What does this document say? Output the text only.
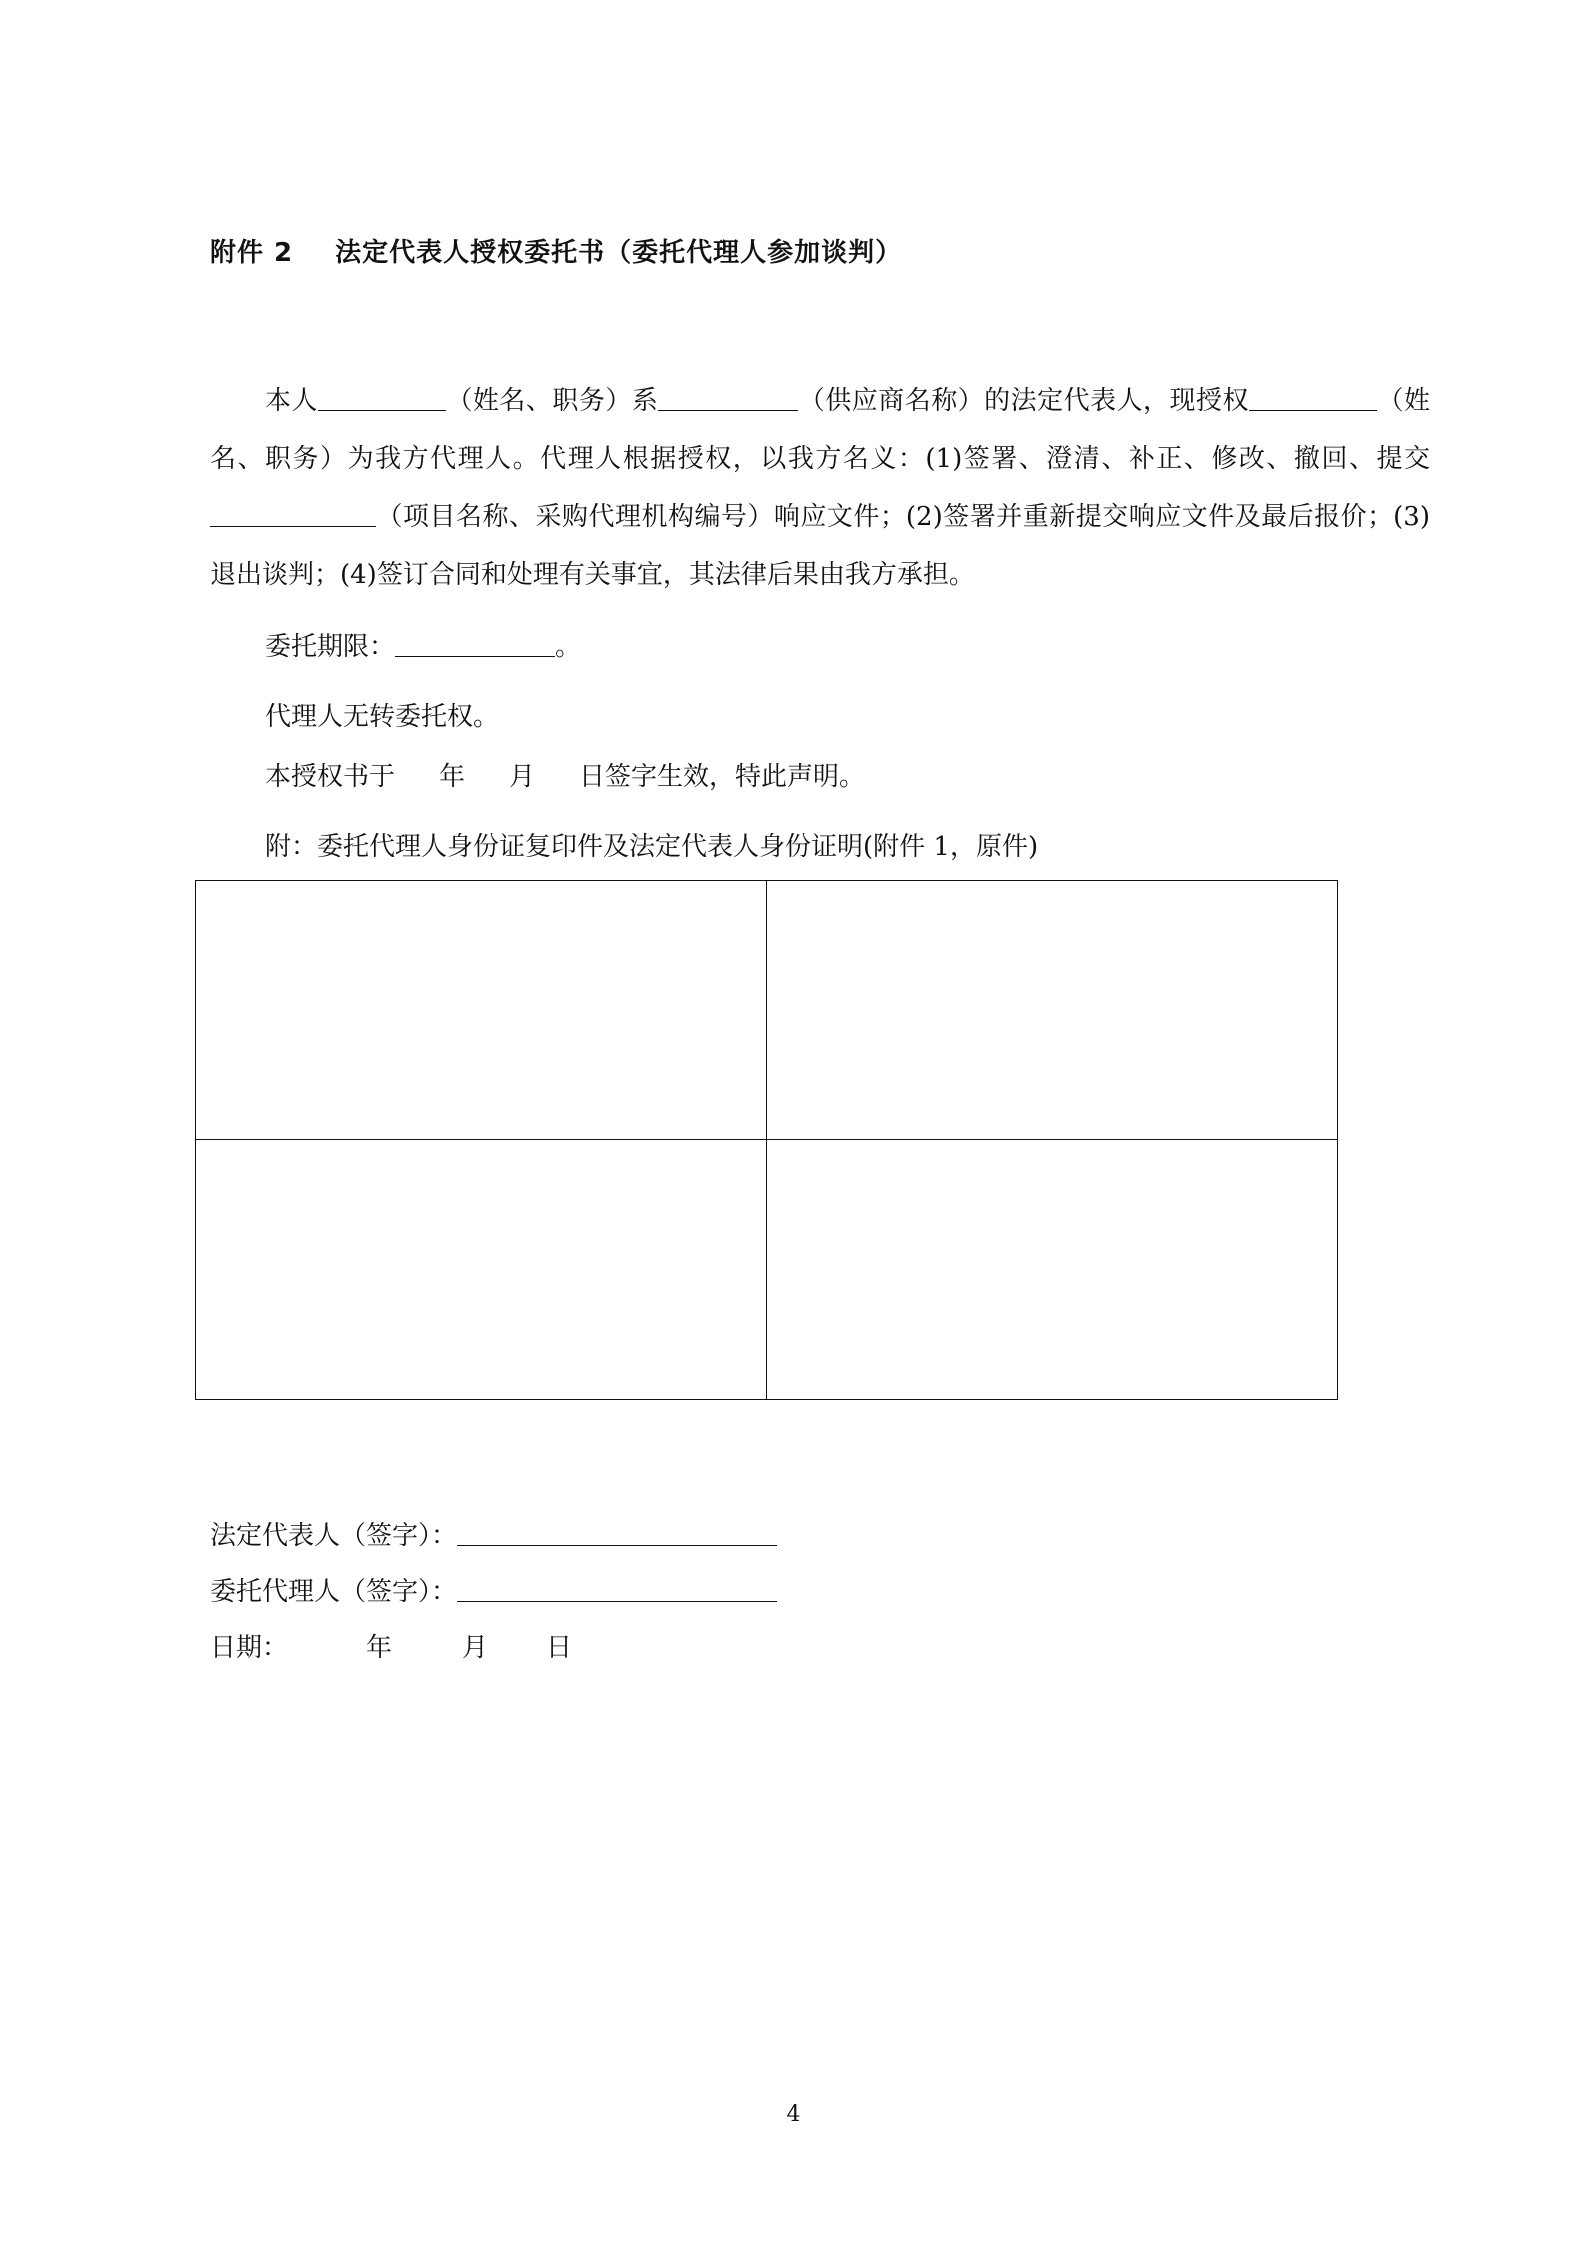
附件 2 法定代表人授权委托书（委托代理人参加谈判）

本人	（姓名、职务）系	（供应商名称）的法定代表人，现授权	（姓名、职务）为我方代理人。代理人根据授权，以我方名义：(1)签署、澄清、补正、修改、撤回、提交（项目名称、采购代理机构编号）响应文件；(2)签署并重新提交响应文件及最后报价；(3)退出谈判；(4)签订合同和处理有关事宜，其法律后果由我方承担。

委托期限：	。
代理人无转委托权。
本授权书于 年 月 日签字生效，特此声明。
附：委托代理人身份证复印件及法定代表人身份证明(附件 1，原件)
法定代表人（签字）：
委托代理人（签字）：
日期：	年	月 日
4
